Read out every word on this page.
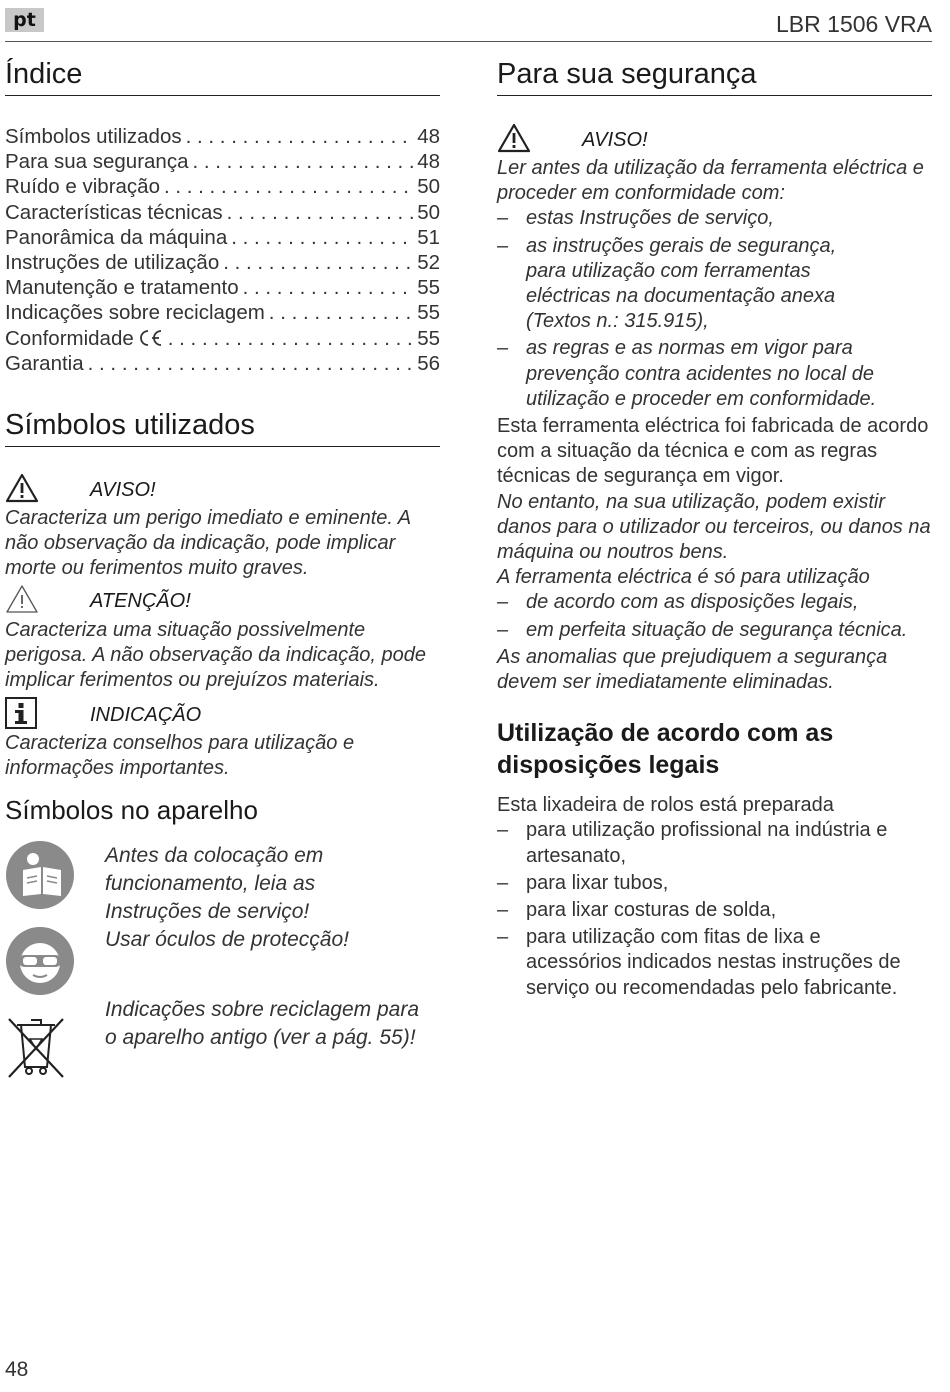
pt	LBR 1506 VRA
Índice
Símbolos utilizados . . .	48
Para sua segurança . . .	48
Ruído e vibração . . .	50
Características técnicas . . .	50
Panorâmica da máquina . . .	51
Instruções de utilização . . .	52
Manutenção e tratamento . . .	55
Indicações sobre reciclagem . . .	55
Conformidade . . .	55
Garantia . . .	56
Símbolos utilizados
AVISO!

Caracteriza um perigo imediato e eminente. A não observação da indicação, pode implicar morte ou ferimentos muito graves.

ATENÇÃO!

Caracteriza uma situação possivelmente perigosa. A não observação da indicação, pode implicar ferimentos ou prejuízos materiais.

INDICAÇÃO

Caracteriza conselhos para utilização e informações importantes.

Símbolos no aparelho

Antes da colocação em funcionamento, leia as Instruções de serviço!

Usar óculos de protecção!

Indicações sobre reciclagem para o aparelho antigo (ver a pág. 55)!

Para sua segurança
AVISO!

Ler antes da utilização da ferramenta eléctrica e proceder em conformidade com:

– estas Instruções de serviço,
– as instruções gerais de segurança, para utilização com ferramentas eléctricas na documentação anexa (Textos n.: 315.915),
– as regras e as normas em vigor para prevenção contra acidentes no local de utilização e proceder em conformidade.

Esta ferramenta eléctrica foi fabricada de acordo com a situação da técnica e com as regras técnicas de segurança em vigor.

No entanto, na sua utilização, podem existir danos para o utilizador ou terceiros, ou danos na máquina ou noutros bens.

A ferramenta eléctrica é só para utilização

– de acordo com as disposições legais,
– em perfeita situação de segurança técnica.

As anomalias que prejudiquem a segurança devem ser imediatamente eliminadas.

Utilização de acordo com as disposições legais

Esta lixadeira de rolos está preparada

– para utilização profissional na indústria e artesanato,
– para lixar tubos,
– para lixar costuras de solda,
– para utilização com fitas de lixa e acessórios indicados nestas instruções de serviço ou recomendadas pelo fabricante.
48
